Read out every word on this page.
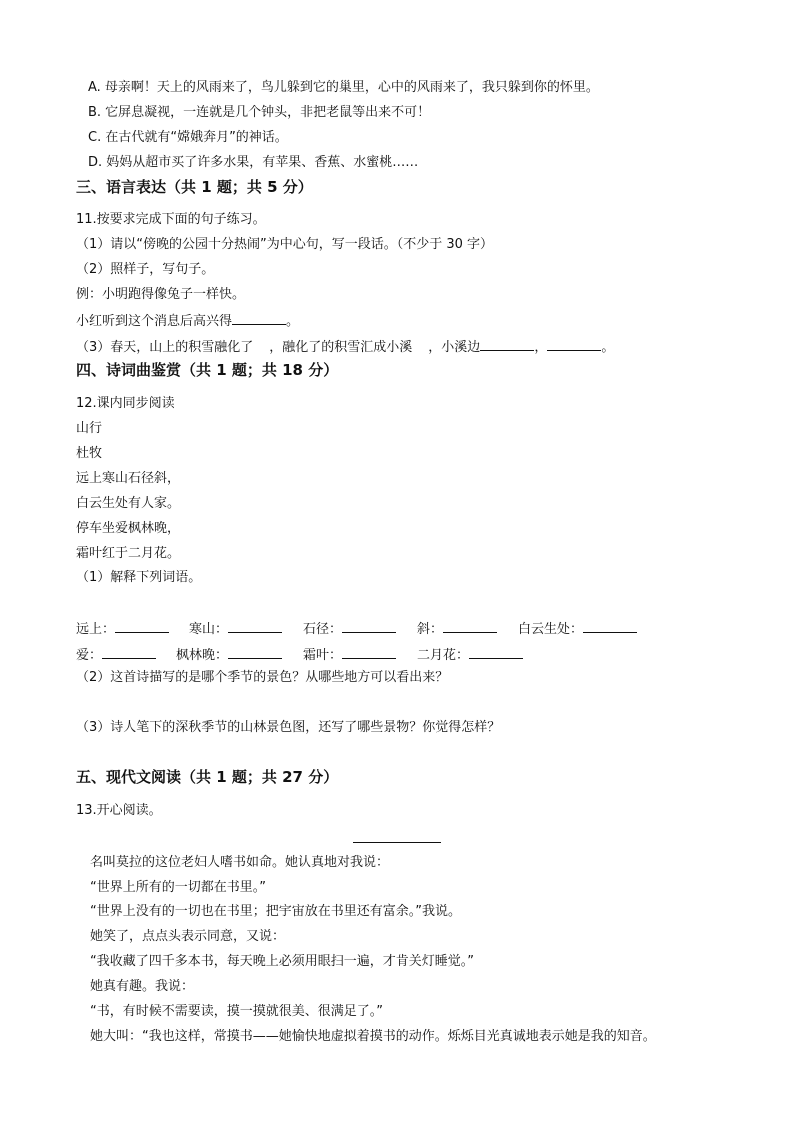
A. 母亲啊！天上的风雨来了，鸟儿躲到它的巢里，心中的风雨来了，我只躲到你的怀里。
B. 它屏息凝视，一连就是几个钟头，非把老鼠等出来不可！
C. 在古代就有“嫦娥奔月”的神话。
D. 妈妈从超市买了许多水果，有苹果、香蕉、水蜜桃……
三、语言表达（共 1 题；共 5 分）
11.按要求完成下面的句子练习。
（1）请以“傍晚的公园十分热闹”为中心句，写一段话。（不少于 30 字）
（2）照样子，写句子。
例：小明跑得像兔子一样快。
小红听到这个消息后高兴得	。
（3）春天，山上的积雪融化了 ，融化了的积雪汇成小溪 ，小溪边	，	。
四、诗词曲鉴赏（共 1 题；共 18 分）
12.课内同步阅读
山行
杜牧
远上寒山石径斜，
白云生处有人家。
停车坐爱枫林晚，
霜叶红于二月花。
（1）解释下列词语。
远上：	寒山：	石径：	斜：	白云生处：
爱：	枫林晚：	霜叶：	二月花：
（2）这首诗描写的是哪个季节的景色？从哪些地方可以看出来？
（3）诗人笔下的深秋季节的山林景色图，还写了哪些景物？你觉得怎样？
五、现代文阅读（共 1 题；共 27 分）
13.开心阅读。
名叫莫拉的这位老妇人嗜书如命。她认真地对我说：
“世界上所有的一切都在书里。”
“世界上没有的一切也在书里；把宇宙放在书里还有富余。”我说。
她笑了，点点头表示同意，又说：
“我收藏了四千多本书，每天晚上必须用眼扫一遍，才肯关灯睡觉。”
她真有趣。我说：
“书，有时候不需要读，摸一摸就很美、很满足了。”
她大叫：“我也这样，常摸书——她愉快地虚拟着摸书的动作。烁烁目光真诚地表示她是我的知音。
